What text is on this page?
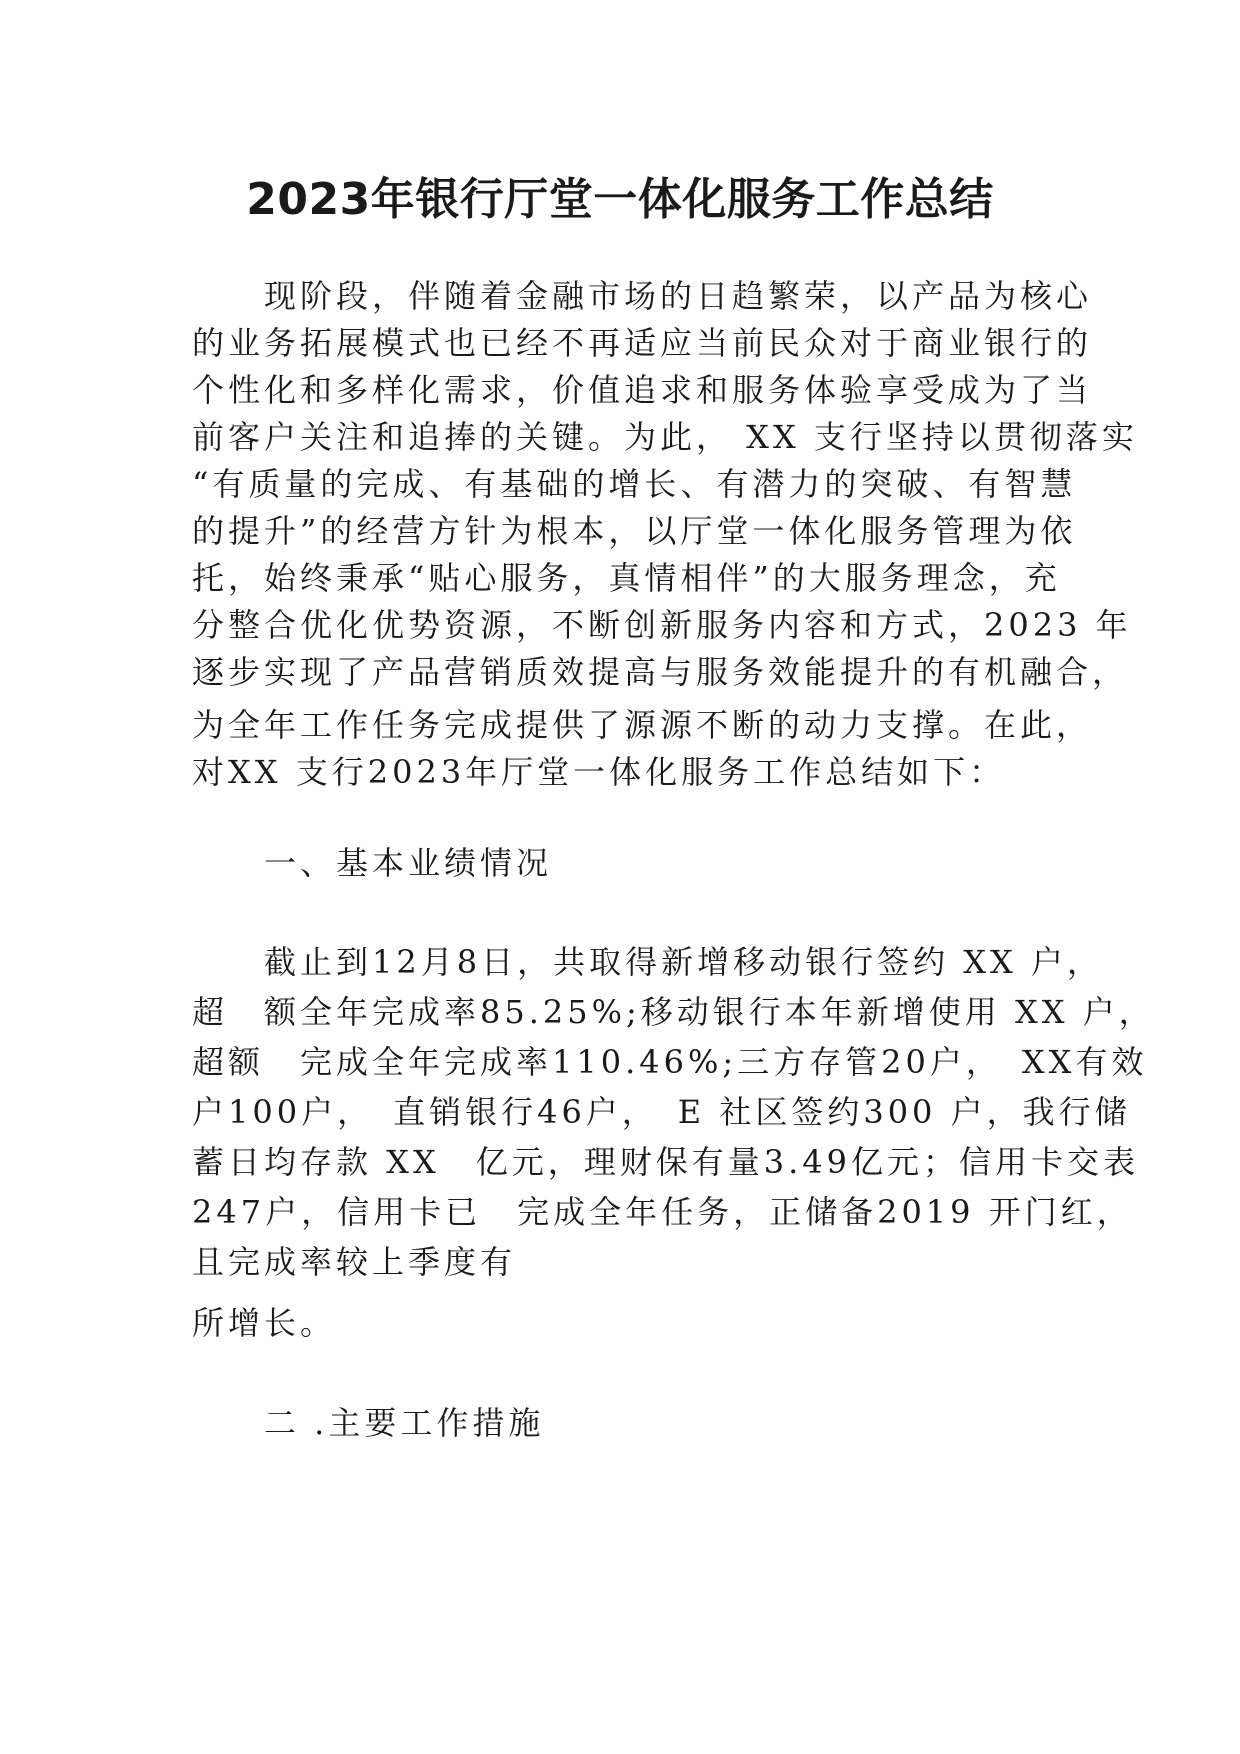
2023年银行厅堂一体化服务工作总结
　　现阶段，伴随着金融市场的日趋繁荣，以产品为核心
的业务拓展模式也已经不再适应当前民众对于商业银行的
个性化和多样化需求，价值追求和服务体验享受成为了当
前客户关注和追捧的关键。为此， XX 支行坚持以贯彻落实
“有质量的完成、有基础的增长、有潜力的突破、有智慧
的提升”的经营方针为根本，以厅堂一体化服务管理为依
托，始终秉承“贴心服务，真情相伴”的大服务理念，充
分整合优化优势资源，不断创新服务内容和方式，2023 年
逐步实现了产品营销质效提高与服务效能提升的有机融合，
为全年工作任务完成提供了源源不断的动力支撑。在此，
对XX 支行2023年厅堂一体化服务工作总结如下：
　　一、基本业绩情况
　　截止到12月8日，共取得新增移动银行签约 XX 户，
超　额全年完成率85.25%;移动银行本年新增使用 XX 户，
超额　完成全年完成率110.46%;三方存管20户，　XX有效
户100户，　直销银行46户，　E 社区签约300 户，我行储
蓄日均存款 XX　亿元，理财保有量3.49亿元；信用卡交表
247户，信用卡已　完成全年任务，正储备2019 开门红，
且完成率较上季度有
所增长。
　　二 .主要工作措施
